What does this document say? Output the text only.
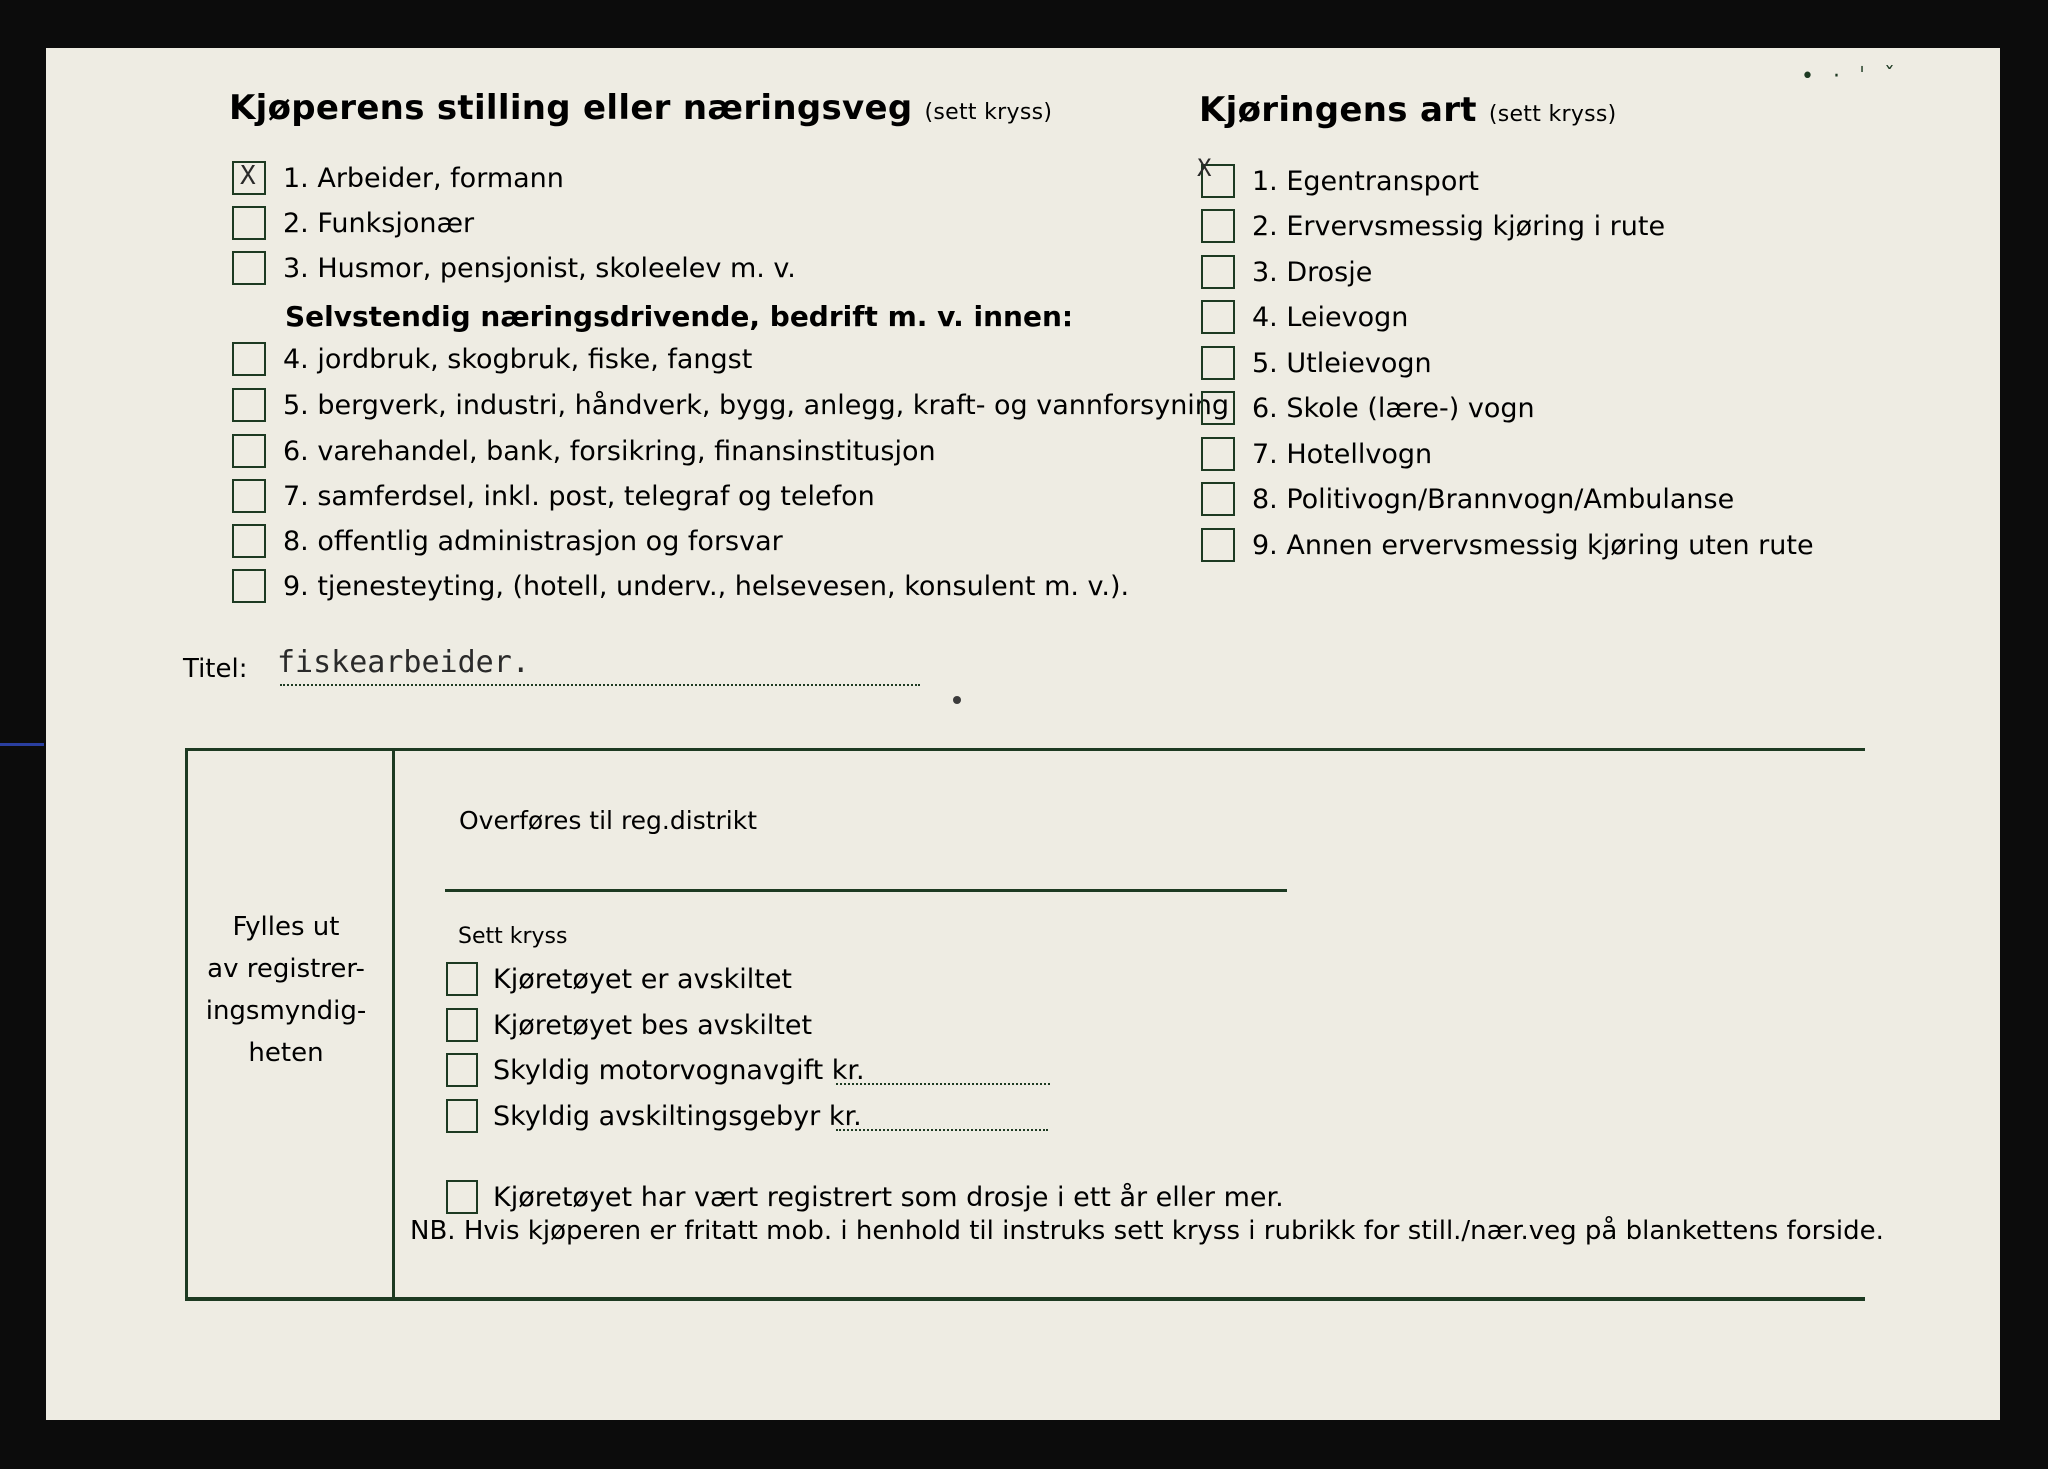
• · ˈ ˇ
Kjøperens stilling eller næringsveg (sett kryss)
X
1. Arbeider, formann
2. Funksjonær
3. Husmor, pensjonist, skoleelev m. v.
Selvstendig næringsdrivende, bedrift m. v. innen:
4. jordbruk, skogbruk, fiske, fangst
5. bergverk, industri, håndverk, bygg, anlegg, kraft- og vannforsyning
6. varehandel, bank, forsikring, finansinstitusjon
7. samferdsel, inkl. post, telegraf og telefon
8. offentlig administrasjon og forsvar
9. tjenesteyting, (hotell, underv., helsevesen, konsulent m. v.).
Kjøringens art (sett kryss)
X
1. Egentransport
2. Ervervsmessig kjøring i rute
3. Drosje
4. Leievogn
5. Utleievogn
6. Skole (lære-) vogn
7. Hotellvogn
8. Politivogn/Brannvogn/Ambulanse
9. Annen ervervsmessig kjøring uten rute
Titel: fiskearbeider.
Fylles ut
av registrer-
ingsmyndig-
heten
Overføres til reg.distrikt
Sett kryss
Kjøretøyet er avskiltet
Kjøretøyet bes avskiltet
Skyldig motorvognavgift kr.
Skyldig avskiltingsgebyr kr.
Kjøretøyet har vært registrert som drosje i ett år eller mer.
NB. Hvis kjøperen er fritatt mob. i henhold til instruks sett kryss i rubrikk for still./nær.veg på blankettens forside.
